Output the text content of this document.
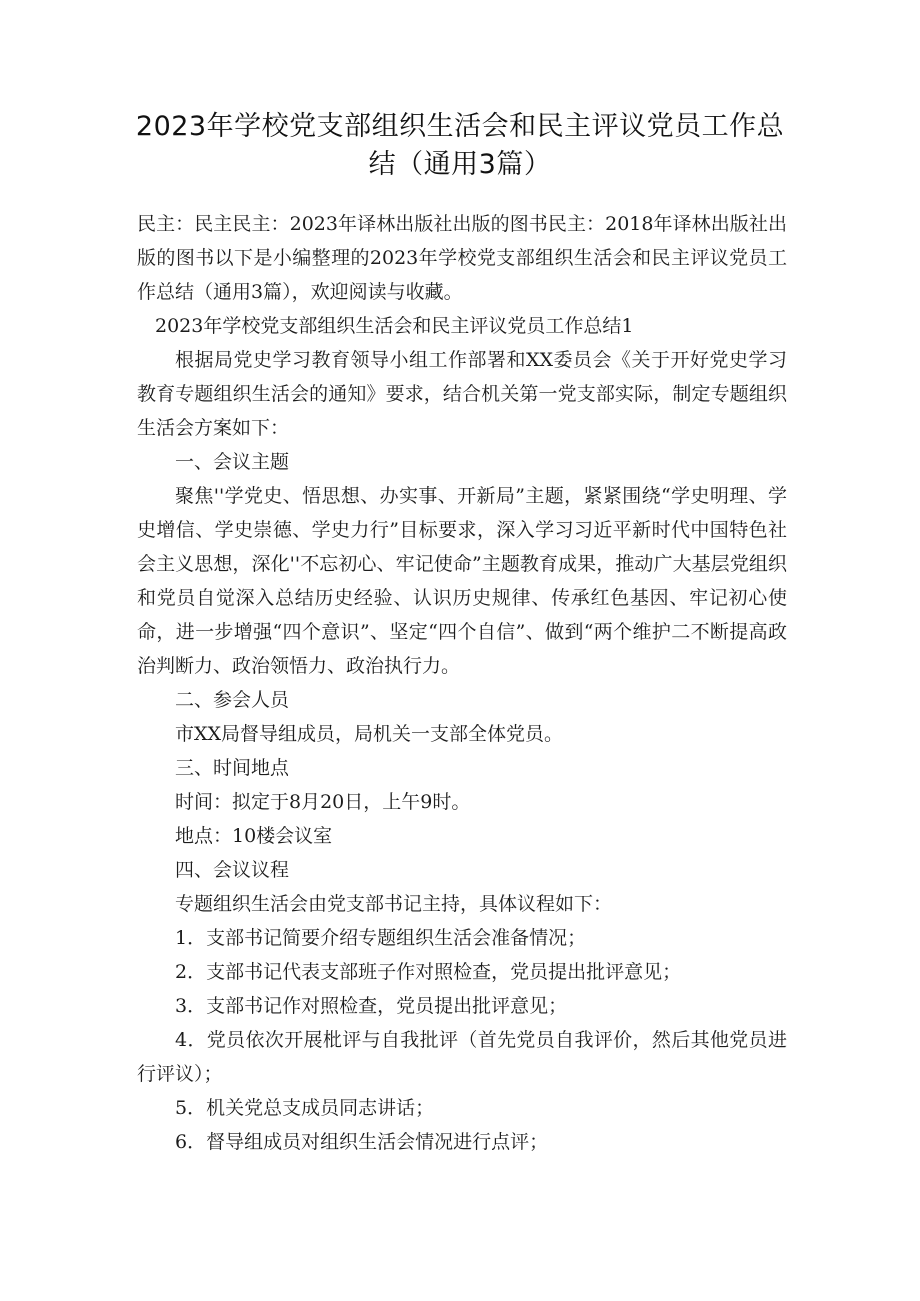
2023年学校党支部组织生活会和民主评议党员工作总
结（通用3篇）

民主：民主民主：2023年译林出版社出版的图书民主：2018年译林出版社出版的图书以下是小编整理的2023年学校党支部组织生活会和民主评议党员工作总结（通用3篇），欢迎阅读与收藏。

2023年学校党支部组织生活会和民主评议党员工作总结1

根据局党史学习教育领导小组工作部署和XX委员会《关于开好党史学习教育专题组织生活会的通知》要求，结合机关第一党支部实际，制定专题组织生活会方案如下：

一、会议主题

聚焦''学党史、悟思想、办实事、开新局”主题，紧紧围绕“学史明理、学史增信、学史崇德、学史力行”目标要求，深入学习习近平新时代中国特色社会主义思想，深化''不忘初心、牢记使命”主题教育成果，推动广大基层党组织和党员自觉深入总结历史经验、认识历史规律、传承红色基因、牢记初心使命，进一步增强“四个意识”、坚定“四个自信”、做到“两个维护二不断提高政治判断力、政治领悟力、政治执行力。

二、参会人员

市XX局督导组成员，局机关一支部全体党员。

三、时间地点

时间：拟定于8月20日，上午9时。

地点：10楼会议室

四、会议议程

专题组织生活会由党支部书记主持，具体议程如下：

1．支部书记简要介绍专题组织生活会准备情况；

2．支部书记代表支部班子作对照检查，党员提出批评意见；

3．支部书记作对照检查，党员提出批评意见；

4．党员依次开展枇评与自我批评（首先党员自我评价，然后其他党员进行评议）；

5．机关党总支成员同志讲话；

6．督导组成员对组织生活会情况进行点评；
